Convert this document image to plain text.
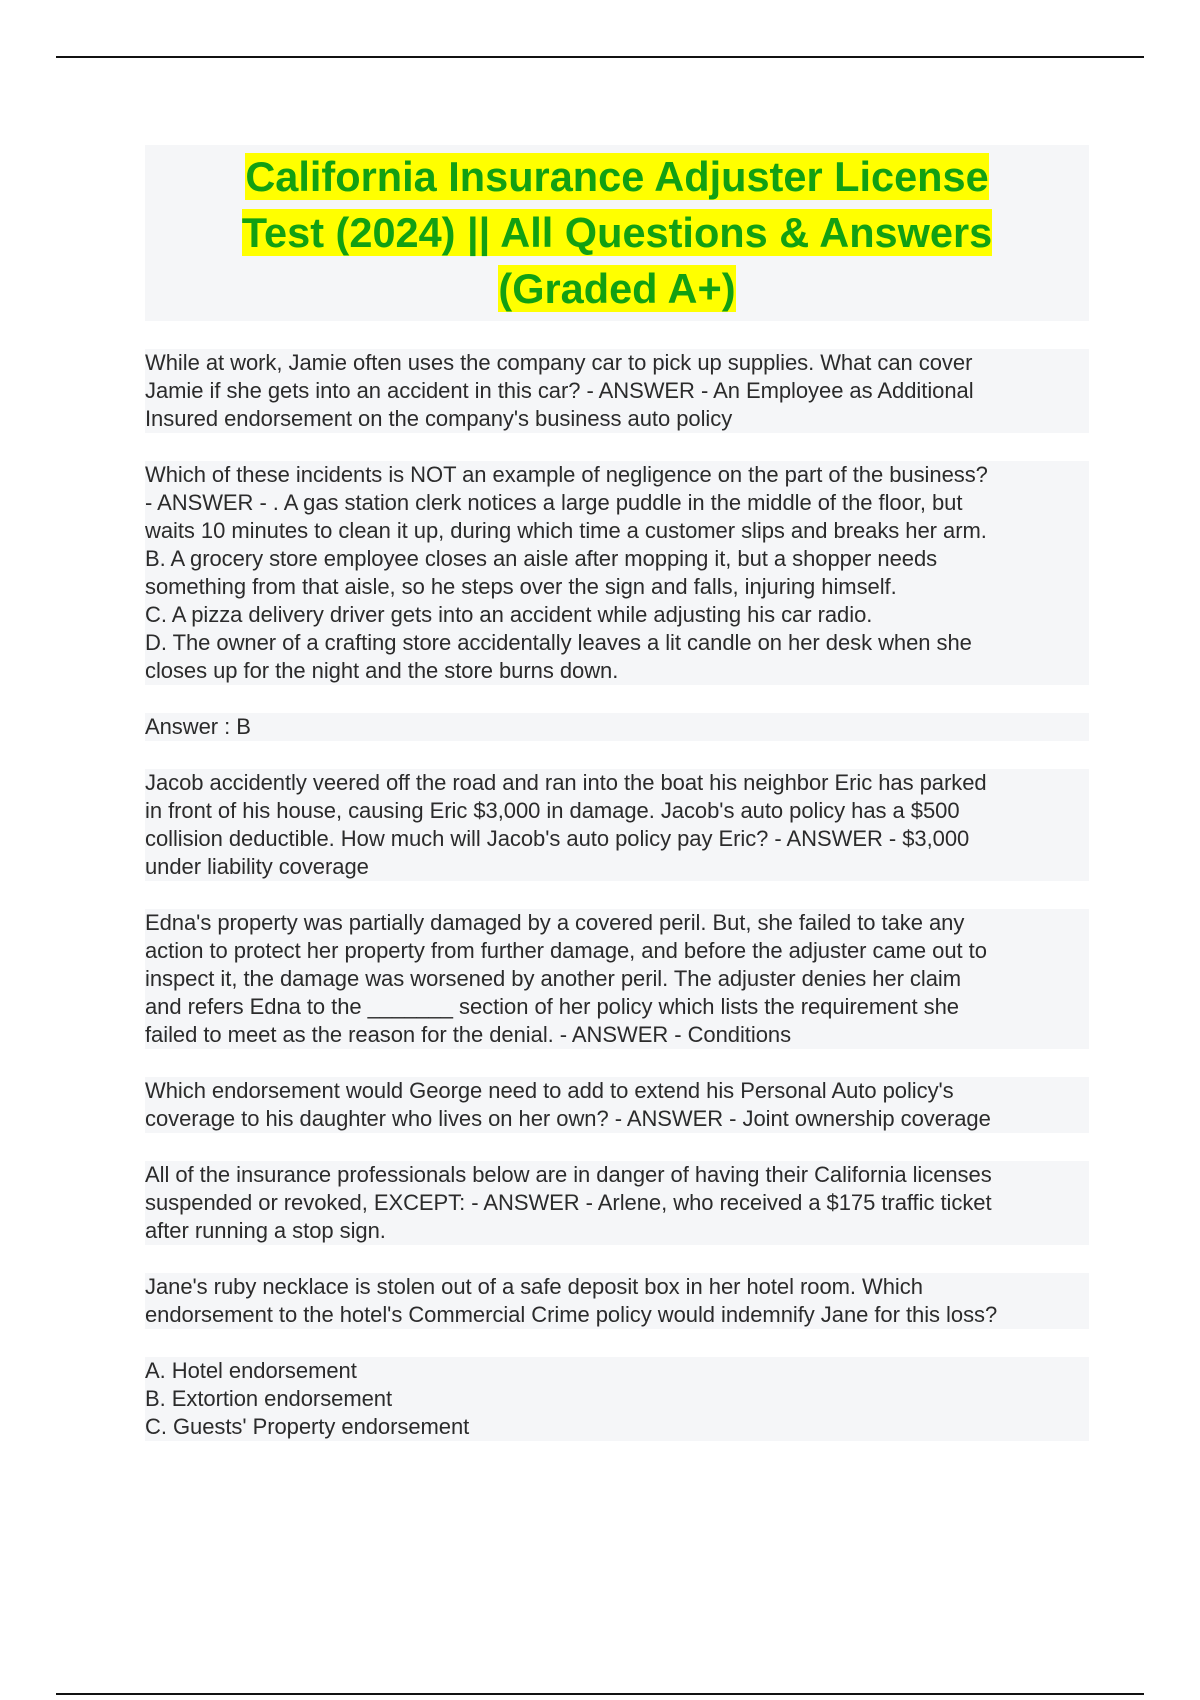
California Insurance Adjuster License
Test (2024) || All Questions & Answers
(Graded A+)
While at work, Jamie often uses the company car to pick up supplies. What can cover
Jamie if she gets into an accident in this car? - ANSWER - An Employee as Additional
Insured endorsement on the company's business auto policy
Which of these incidents is NOT an example of negligence on the part of the business?
- ANSWER - . A gas station clerk notices a large puddle in the middle of the floor, but
waits 10 minutes to clean it up, during which time a customer slips and breaks her arm.
B. A grocery store employee closes an aisle after mopping it, but a shopper needs
something from that aisle, so he steps over the sign and falls, injuring himself.
C. A pizza delivery driver gets into an accident while adjusting his car radio.
D. The owner of a crafting store accidentally leaves a lit candle on her desk when she
closes up for the night and the store burns down.
Answer : B
Jacob accidently veered off the road and ran into the boat his neighbor Eric has parked
in front of his house, causing Eric $3,000 in damage. Jacob's auto policy has a $500
collision deductible. How much will Jacob's auto policy pay Eric? - ANSWER - $3,000
under liability coverage
Edna's property was partially damaged by a covered peril. But, she failed to take any
action to protect her property from further damage, and before the adjuster came out to
inspect it, the damage was worsened by another peril. The adjuster denies her claim
and refers Edna to the _______ section of her policy which lists the requirement she
failed to meet as the reason for the denial. - ANSWER - Conditions
Which endorsement would George need to add to extend his Personal Auto policy's
coverage to his daughter who lives on her own? - ANSWER - Joint ownership coverage
All of the insurance professionals below are in danger of having their California licenses
suspended or revoked, EXCEPT: - ANSWER - Arlene, who received a $175 traffic ticket
after running a stop sign.
Jane's ruby necklace is stolen out of a safe deposit box in her hotel room. Which
endorsement to the hotel's Commercial Crime policy would indemnify Jane for this loss?
A. Hotel endorsement
B. Extortion endorsement
C. Guests' Property endorsement
